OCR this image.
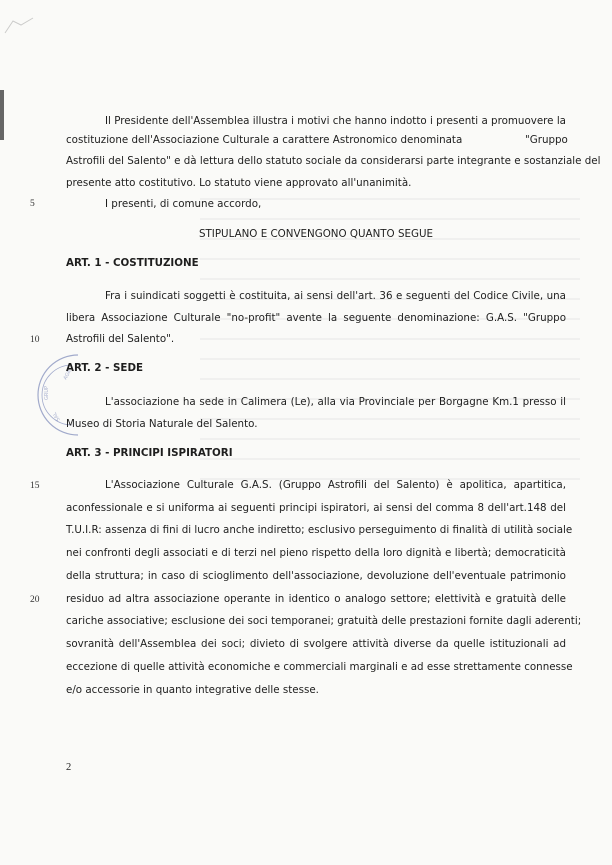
Il Presidente dell'Assemblea illustra i motivi che hanno indotto i presenti a promuovere la
costituzione dell'Associazione Culturale a carattere Astronomico denominata	"Gruppo
Astrofili del Salento" e dà lettura dello statuto sociale da considerarsi parte integrante e sostanziale del
presente atto costitutivo. Lo statuto viene approvato all'unanimità.
5	I presenti, di comune accordo,
STIPULANO E CONVENGONO QUANTO SEGUE
ART. 1 - COSTITUZIONE
Fra i suindicati soggetti è costituita, ai sensi dell'art. 36 e seguenti del Codice Civile, una
libera Associazione Culturale "no-profit" avente la seguente denominazione: G.A.S. "Gruppo
10	Astrofili del Salento".
AGR
GRUP
SAL
ART. 2 - SEDE
L'associazione ha sede in Calimera (Le), alla via Provinciale per Borgagne Km.1 presso il
Museo di Storia Naturale del Salento.
ART. 3 - PRINCIPI ISPIRATORI
15	L'Associazione Culturale G.A.S. (Gruppo Astrofili del Salento) è apolitica, apartitica,
aconfessionale e si uniforma ai seguenti principi ispiratori, ai sensi del comma 8 dell'art.148 del
T.U.I.R: assenza di fini di lucro anche indiretto; esclusivo perseguimento di finalità di utilità sociale
nei confronti degli associati e di terzi nel pieno rispetto della loro dignità e libertà; democraticità
della struttura; in caso di scioglimento dell'associazione, devoluzione dell'eventuale patrimonio
20	residuo ad altra associazione operante in identico o analogo settore; elettività e gratuità delle
cariche associative; esclusione dei soci temporanei; gratuità delle prestazioni fornite dagli aderenti;
sovranità dell'Assemblea dei soci; divieto di svolgere attività diverse da quelle istituzionali ad
eccezione di quelle attività economiche e commerciali marginali e ad esse strettamente connesse
e/o accessorie in quanto integrative delle stesse.
2
